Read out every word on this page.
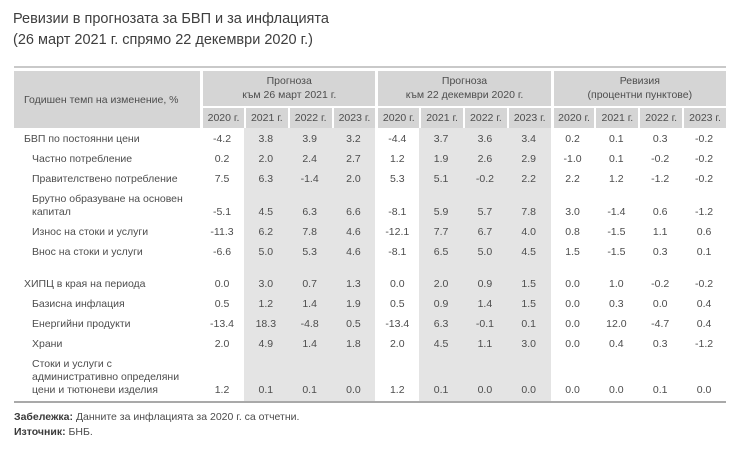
Ревизии в прогнозата за БВП и за инфлацията
(26 март 2021 г. спрямо 22 декември 2020 г.)
Годишен темп на изменение, %	
Прогноза
към 26 март 2021 г.

Прогноза
към 22 декември 2020 г.

Ревизия
(процентни пунктове)

	2020 г.	2021 г.	2022 г.	2023 г.	2020 г.	2021 г.	2022 г.	2023 г.	2020 г.	2021 г.	2022 г.	2023 г.
БВП по постоянни цени	-4.2	3.8	3.9	3.2	-4.4	3.7	3.6	3.4	0.2	0.1	0.3	-0.2
Частно потребление	0.2	2.0	2.4	2.7	1.2	1.9	2.6	2.9	-1.0	0.1	-0.2	-0.2
Правителствено потребление	7.5	6.3	-1.4	2.0	5.3	5.1	-0.2	2.2	2.2	1.2	-1.2	-0.2
Брутно образуване на основен капитал	-5.1	4.5	6.3	6.6	-8.1	5.9	5.7	7.8	3.0	-1.4	0.6	-1.2
Износ на стоки и услуги	-11.3	6.2	7.8	4.6	-12.1	7.7	6.7	4.0	0.8	-1.5	1.1	0.6
Внос на стоки и услуги	-6.6	5.0	5.3	4.6	-8.1	6.5	5.0	4.5	1.5	-1.5	0.3	0.1

ХИПЦ в края на периода	0.0	3.0	0.7	1.3	0.0	2.0	0.9	1.5	0.0	1.0	-0.2	-0.2
Базисна инфлация	0.5	1.2	1.4	1.9	0.5	0.9	1.4	1.5	0.0	0.3	0.0	0.4
Енергийни продукти	-13.4	18.3	-4.8	0.5	-13.4	6.3	-0.1	0.1	0.0	12.0	-4.7	0.4
Храни	2.0	4.9	1.4	1.8	2.0	4.5	1.1	3.0	0.0	0.4	0.3	-1.2
Стоки и услуги с административно определяни цени и тютюневи изделия	1.2	0.1	0.1	0.0	1.2	0.1	0.0	0.0	0.0	0.0	0.1	0.0
Забележка: Данните за инфлацията за 2020 г. са отчетни.
Източник: БНБ.
